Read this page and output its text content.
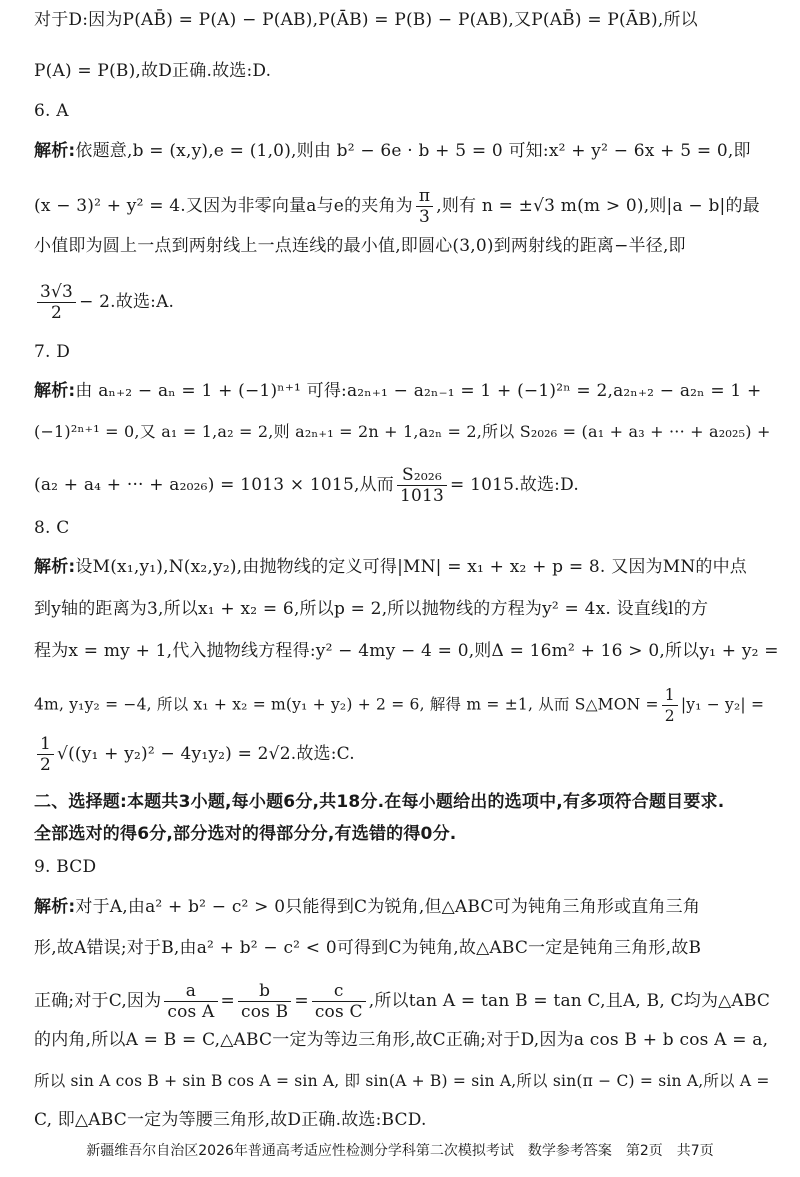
对于D:因为P(AB̄) = P(A) − P(AB),P(ĀB) = P(B) − P(AB),又P(AB̄) = P(ĀB),所以
P(A) = P(B),故D正确.故选:D.
6. A
解析:依题意,b = (x,y),e = (1,0),则由 b² − 6e · b + 5 = 0 可知:x² + y² − 6x + 5 = 0,即
(x − 3)² + y² = 4.又因为非零向量a与e的夹角为 $\frac{\pi}{3}$ ,则有 n = ±√3 m(m > 0),则|a − b|的最
小值即为圆上一点到两射线上一点连线的最小值,即圆心(3,0)到两射线的距离−半径,即
$\frac{3√3}{2} - 2$.故选:A.
7. D
解析:由 aₙ₊₂ − aₙ = 1 + (−1)ⁿ⁺¹ 可得:a₂ₙ₊₁ − a₂ₙ₋₁ = 1 + (−1)²ⁿ = 2,a₂ₙ₊₂ − a₂ₙ = 1 +
(−1)²ⁿ⁺¹ = 0,又 a₁ = 1,a₂ = 2,则 a₂ₙ₊₁ = 2n + 1,a₂ₙ = 2,所以 S₂₀₂₆ = (a₁ + a₃ + ··· + a₂₀₂₅) +
(a₂ + a₄ + ··· + a₂₀₂₆) = 1013 × 1015,从而 $\frac{\text{S₂₀₂₆}}{1013} = 1015$.故选:D.
8. C
解析:设M(x₁,y₁),N(x₂,y₂),由抛物线的定义可得|MN| = x₁ + x₂ + p = 8. 又因为MN的中点
到y轴的距离为3,所以x₁ + x₂ = 6,所以p = 2,所以抛物线的方程为y² = 4x. 设直线l的方
程为x = my + 1,代入抛物线方程得:y² − 4my − 4 = 0,则Δ = 16m² + 16 > 0,所以y₁ + y₂ =
4m, y₁y₂ = −4, 所以 x₁ + x₂ = m(y₁ + y₂) + 2 = 6, 解得 m = ±1, 从而 S△MON = $\frac{1}{2} |y_1 - y_2|$ =
$\frac{1}{2} √((y_1 + y_2)^2 - 4y_1y_2) = 2√2$.故选:C.
二、选择题:本题共3小题,每小题6分,共18分.在每小题给出的选项中,有多项符合题目要求.
全部选对的得6分,部分选对的得部分分,有选错的得0分.
9. BCD
解析:对于A,由a² + b² − c² > 0只能得到C为锐角,但△ABC可为钝角三角形或直角三角
形,故A错误;对于B,由a² + b² − c² < 0可得到C为钝角,故△ABC一定是钝角三角形,故B
正确;对于C,因为 $\frac{a}{\text{cos A}} = \frac{b}{\text{cos B}} = \frac{c}{\text{cos C}}$ ,所以tan A = tan B = tan C,且A, B, C均为△ABC
的内角,所以A = B = C,△ABC一定为等边三角形,故C正确;对于D,因为a cos B + b cos A = a,
所以 sin A cos B + sin B cos A = sin A, 即 sin(A + B) = sin A,所以 sin(π − C) = sin A,所以 A =
C, 即△ABC一定为等腰三角形,故D正确.故选:BCD.
新疆维吾尔自治区2026年普通高考适应性检测分学科第二次模拟考试　数学参考答案　第2页　共7页
